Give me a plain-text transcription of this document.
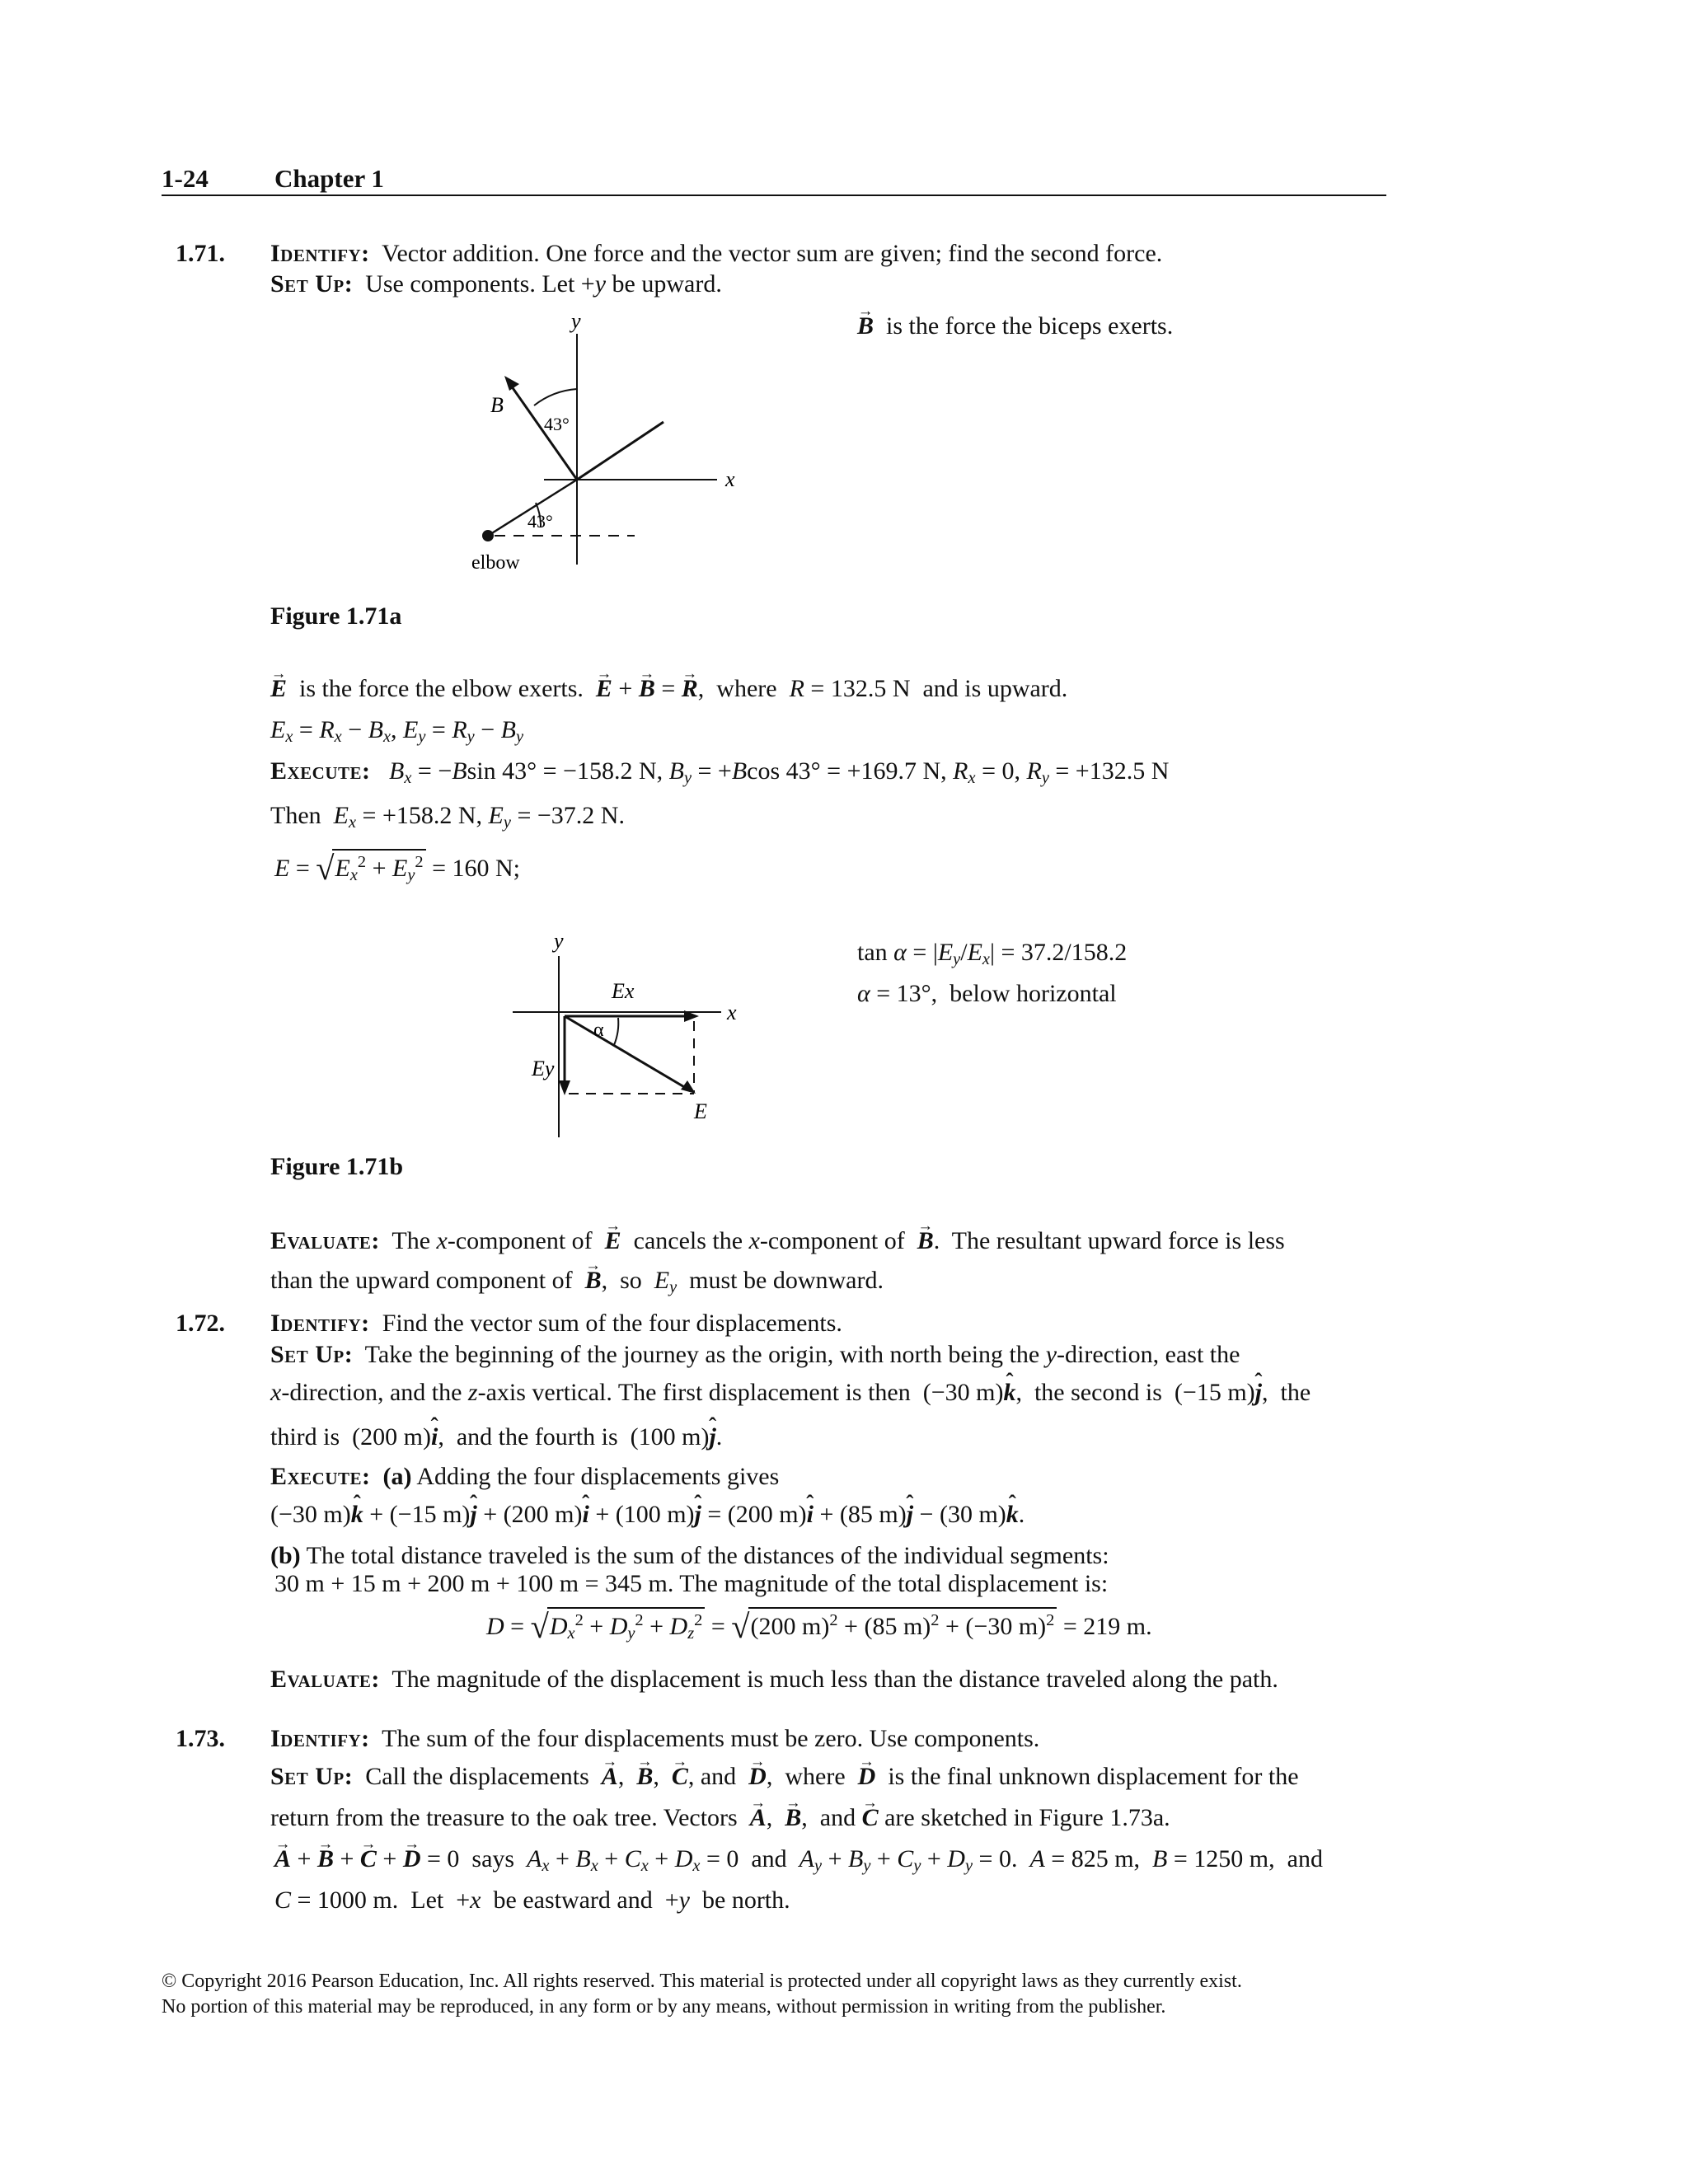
1-24	Chapter 1
1.71. Identify: Vector addition. One force and the vector sum are given; find the second force.
Set Up: Use components. Let +y be upward.
→ B is the force the biceps exerts.
y
x
B
43°
43°
elbow
Figure 1.71a
→ E is the force the elbow exerts.  → E + → B = → R,  where  R = 132.5 N  and is upward.
$E_x = R_x - B_x$, $E_y = R_y - B_y$
Execute: $B_x = -Bsin$ 43° = −158.2 N, $B_y = +Bcos$ 43° = +169.7 N, $R_x = 0$, $R_y = +132.5$ N
Then  $E_x = +158.2$ N, $E_y = -37.2$ N.
$E = √E_x^2 + E_y^2 = 160$ N;
y
x
Ex
Ey
α
E
$\tan \alpha = |E_y/E_x| = 37.2/158.2$
α = 13°,  below horizontal
Figure 1.71b
Evaluate:  The x-component of  → E  cancels the x-component of  → B.  The resultant upward force is less
than the upward component of  → B,  so  $E_y$  must be downward.
1.72. Identify: Find the vector sum of the four displacements.
Set Up:  Take the beginning of the journey as the origin, with north being the y-direction, east the
x-direction, and the z-axis vertical. The first displacement is then  (−30 m)ˆ k,  the second is  (−15 m)ˆ j,  the
third is  (200 m)ˆ i,  and the fourth is  (100 m)ˆ j.
Execute: (a) Adding the four displacements gives
(−30 m)ˆ k + (−15 m)ˆ j + (200 m)ˆ i + (100 m)ˆ j = (200 m)ˆ i + (85 m)ˆ j − (30 m)ˆ k.
(b) The total distance traveled is the sum of the distances of the individual segments:
30 m + 15 m + 200 m + 100 m = 345 m. The magnitude of the total displacement is:
$D = √D_x^2 + D_y^2 + D_z^2 = √(200$ m)$^2$ + (85 m)$^2$ + (−30 m)$^2$ = 219 m.
Evaluate: The magnitude of the displacement is much less than the distance traveled along the path.
1.73. Identify: The sum of the four displacements must be zero. Use components.
Set Up:  Call the displacements  → A,  → B,  → C, and  → D,  where  → D  is the final unknown displacement for the
return from the treasure to the oak tree. Vectors  → A,  → B,  and → C are sketched in Figure 1.73a.
→ A + → B + → C + → D = 0  says  $A_x + B_x + C_x + D_x = 0$  and  $A_y + B_y + C_y + D_y = 0$.  A = 825 m,  B = 1250 m,  and
C = 1000 m.  Let  +x  be eastward and  +y  be north.
© Copyright 2016 Pearson Education, Inc. All rights reserved. This material is protected under all copyright laws as they currently exist.
No portion of this material may be reproduced, in any form or by any means, without permission in writing from the publisher.
